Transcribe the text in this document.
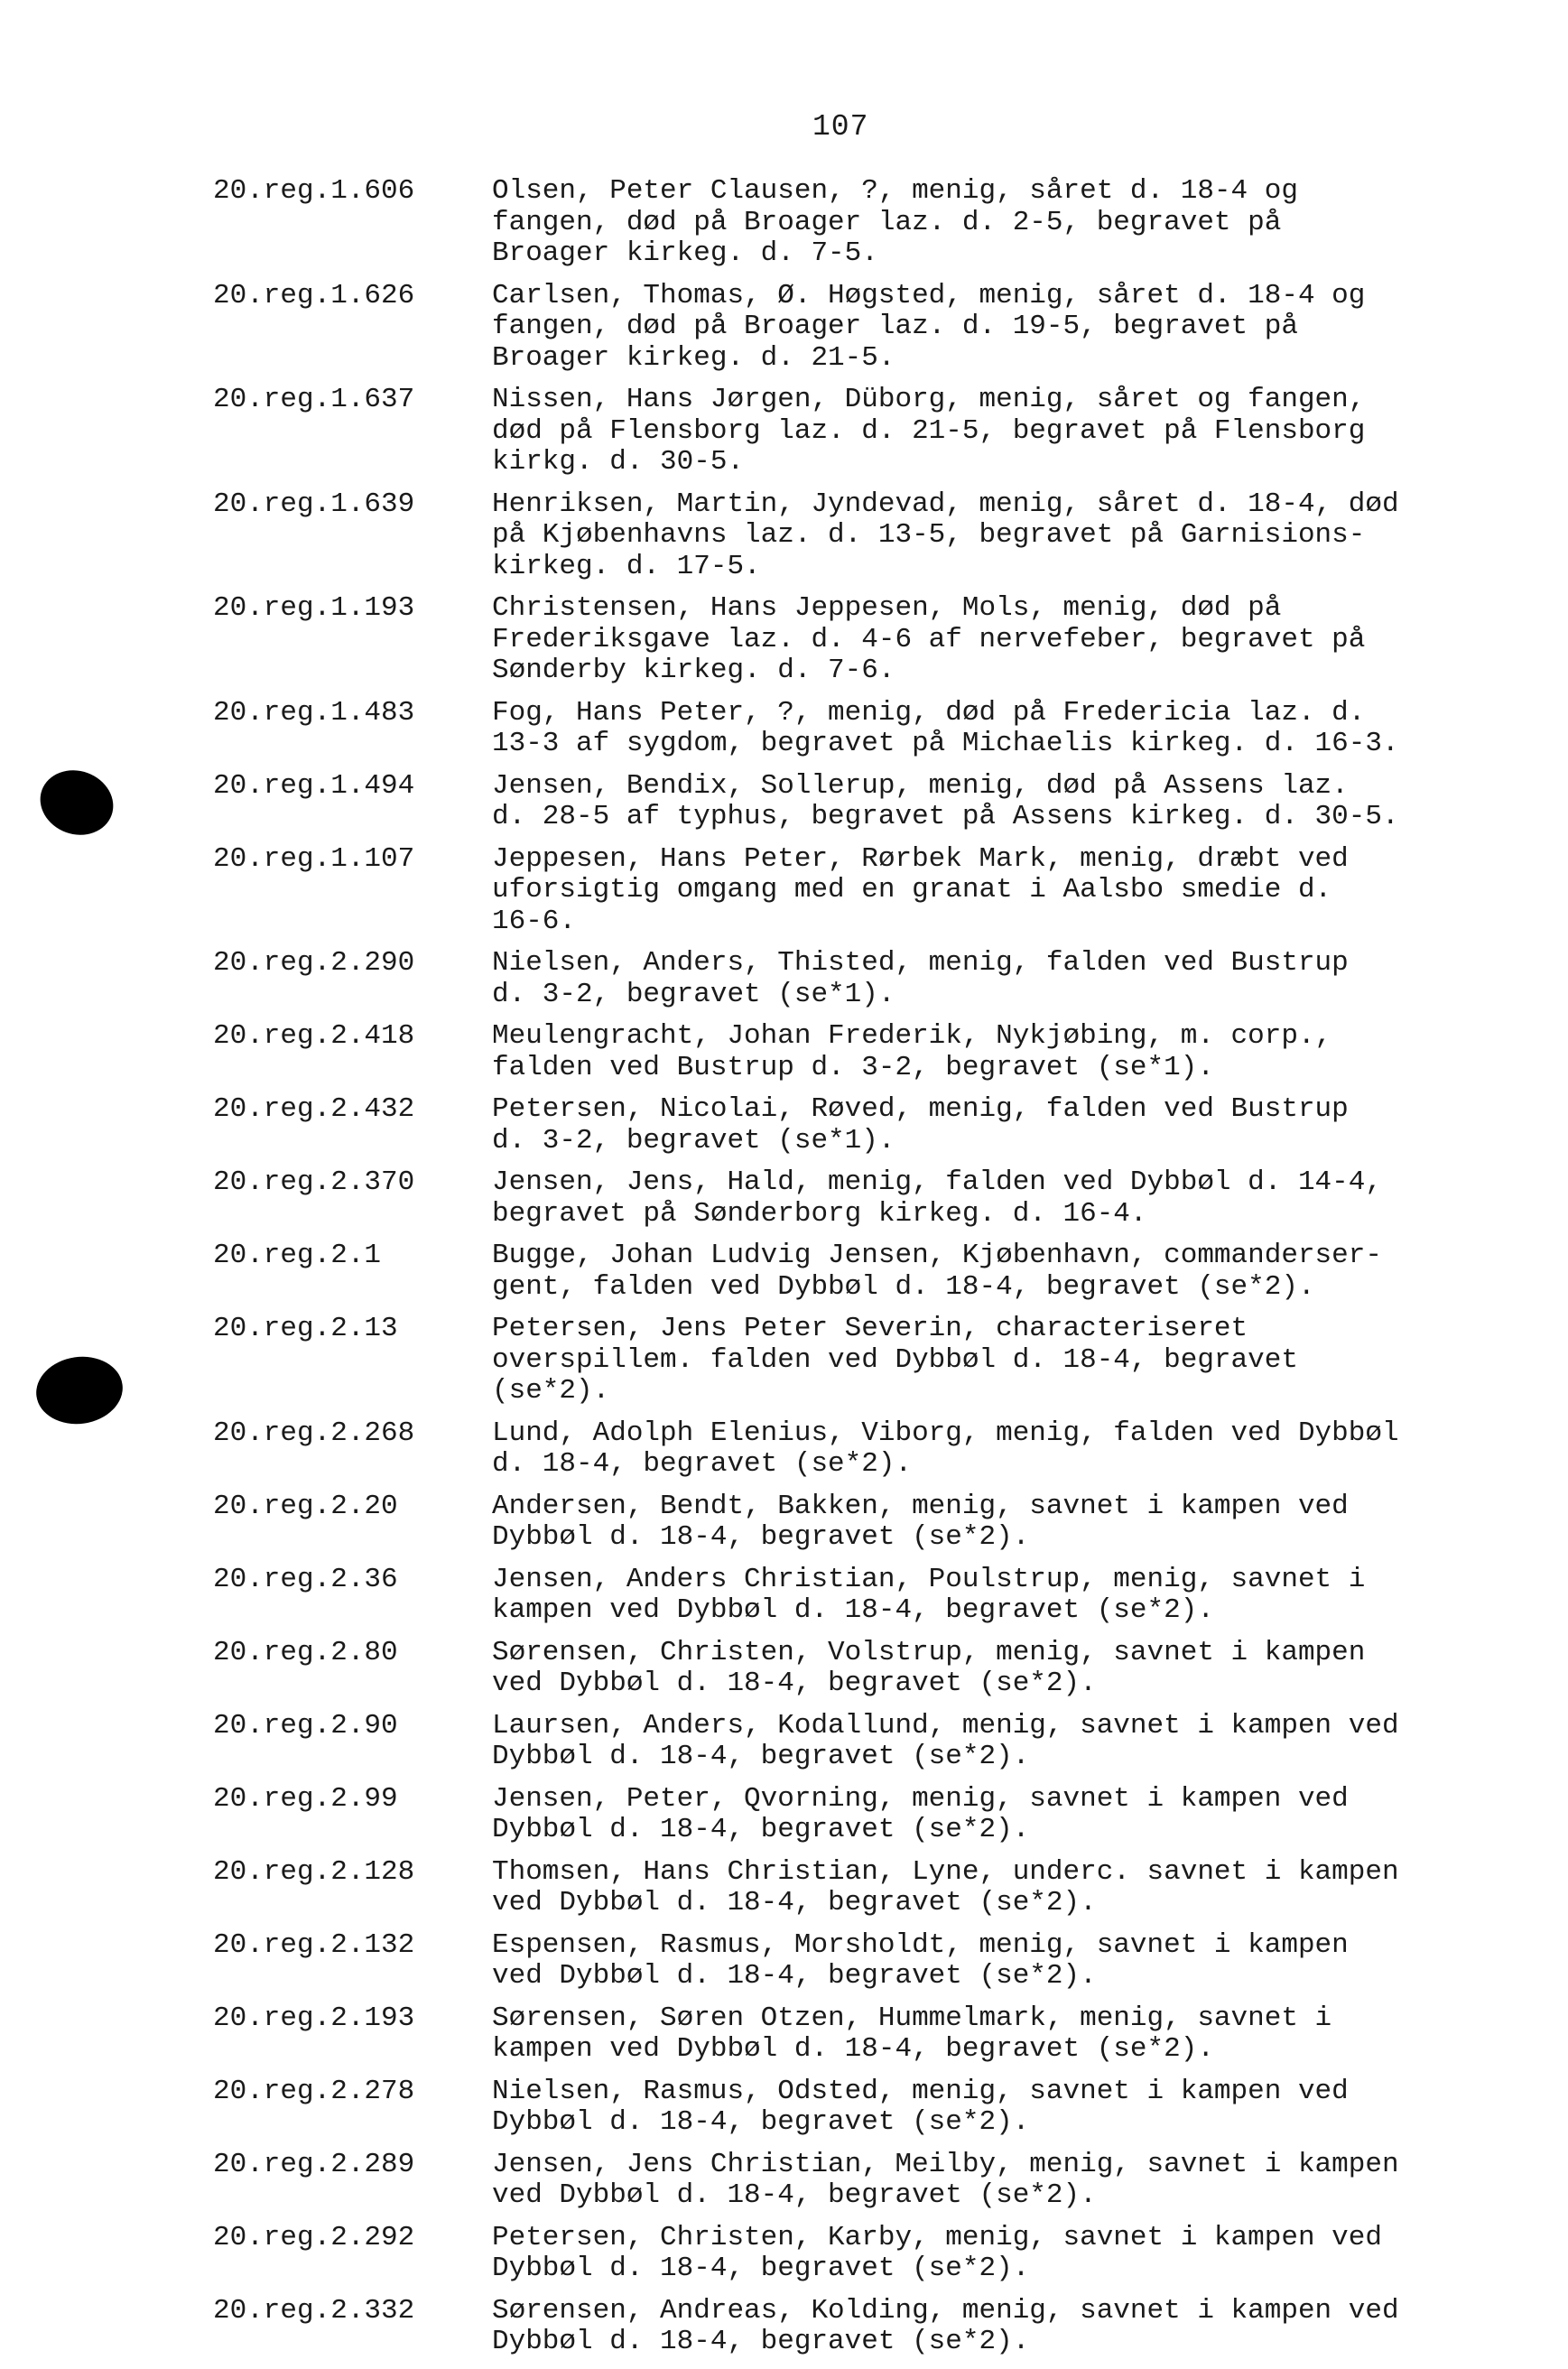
107
20.reg.1.606	Olsen, Peter Clausen, ?, menig, såret d. 18-4 og
fangen, død på Broager laz. d. 2-5, begravet på
Broager kirkeg. d. 7-5.
20.reg.1.626	Carlsen, Thomas, Ø. Høgsted, menig, såret d. 18-4 og
fangen, død på Broager laz. d. 19-5, begravet på
Broager kirkeg. d. 21-5.
20.reg.1.637	Nissen, Hans Jørgen, Düborg, menig, såret og fangen,
død på Flensborg laz. d. 21-5, begravet på Flensborg
kirkg. d. 30-5.
20.reg.1.639	Henriksen, Martin, Jyndevad, menig, såret d. 18-4, død
på Kjøbenhavns laz. d. 13-5, begravet på Garnisions-
kirkeg. d. 17-5.
20.reg.1.193	Christensen, Hans Jeppesen, Mols, menig, død på
Frederiksgave laz. d. 4-6 af nervefeber, begravet på
Sønderby kirkeg. d. 7-6.
20.reg.1.483	Fog, Hans Peter, ?, menig, død på Fredericia laz. d.
13-3 af sygdom, begravet på Michaelis kirkeg. d. 16-3.
20.reg.1.494	Jensen, Bendix, Sollerup, menig, død på Assens laz.
d. 28-5 af typhus, begravet på Assens kirkeg. d. 30-5.
20.reg.1.107	Jeppesen, Hans Peter, Rørbek Mark, menig, dræbt ved
uforsigtig omgang med en granat i Aalsbo smedie d.
16-6.
20.reg.2.290	Nielsen, Anders, Thisted, menig, falden ved Bustrup
d. 3-2, begravet (se*1).
20.reg.2.418	Meulengracht, Johan Frederik, Nykjøbing, m. corp.,
falden ved Bustrup d. 3-2, begravet (se*1).
20.reg.2.432	Petersen, Nicolai, Røved, menig, falden ved Bustrup
d. 3-2, begravet (se*1).
20.reg.2.370	Jensen, Jens, Hald, menig, falden ved Dybbøl d. 14-4,
begravet på Sønderborg kirkeg. d. 16-4.
20.reg.2.1	Bugge, Johan Ludvig Jensen, Kjøbenhavn, commanderser-
gent, falden ved Dybbøl d. 18-4, begravet (se*2).
20.reg.2.13	Petersen, Jens Peter Severin, characteriseret
overspillem. falden ved Dybbøl d. 18-4, begravet
(se*2).
20.reg.2.268	Lund, Adolph Elenius, Viborg, menig, falden ved Dybbøl
d. 18-4, begravet (se*2).
20.reg.2.20	Andersen, Bendt, Bakken, menig, savnet i kampen ved
Dybbøl d. 18-4, begravet (se*2).
20.reg.2.36	Jensen, Anders Christian, Poulstrup, menig, savnet i
kampen ved Dybbøl d. 18-4, begravet (se*2).
20.reg.2.80	Sørensen, Christen, Volstrup, menig, savnet i kampen
ved Dybbøl d. 18-4, begravet (se*2).
20.reg.2.90	Laursen, Anders, Kodallund, menig, savnet i kampen ved
Dybbøl d. 18-4, begravet (se*2).
20.reg.2.99	Jensen, Peter, Qvorning, menig, savnet i kampen ved
Dybbøl d. 18-4, begravet (se*2).
20.reg.2.128	Thomsen, Hans Christian, Lyne, underc. savnet i kampen
ved Dybbøl d. 18-4, begravet (se*2).
20.reg.2.132	Espensen, Rasmus, Morsholdt, menig, savnet i kampen
ved Dybbøl d. 18-4, begravet (se*2).
20.reg.2.193	Sørensen, Søren Otzen, Hummelmark, menig, savnet i
kampen ved Dybbøl d. 18-4, begravet (se*2).
20.reg.2.278	Nielsen, Rasmus, Odsted, menig, savnet i kampen ved
Dybbøl d. 18-4, begravet (se*2).
20.reg.2.289	Jensen, Jens Christian, Meilby, menig, savnet i kampen
ved Dybbøl d. 18-4, begravet (se*2).
20.reg.2.292	Petersen, Christen, Karby, menig, savnet i kampen ved
Dybbøl d. 18-4, begravet (se*2).
20.reg.2.332	Sørensen, Andreas, Kolding, menig, savnet i kampen ved
Dybbøl d. 18-4, begravet (se*2).
